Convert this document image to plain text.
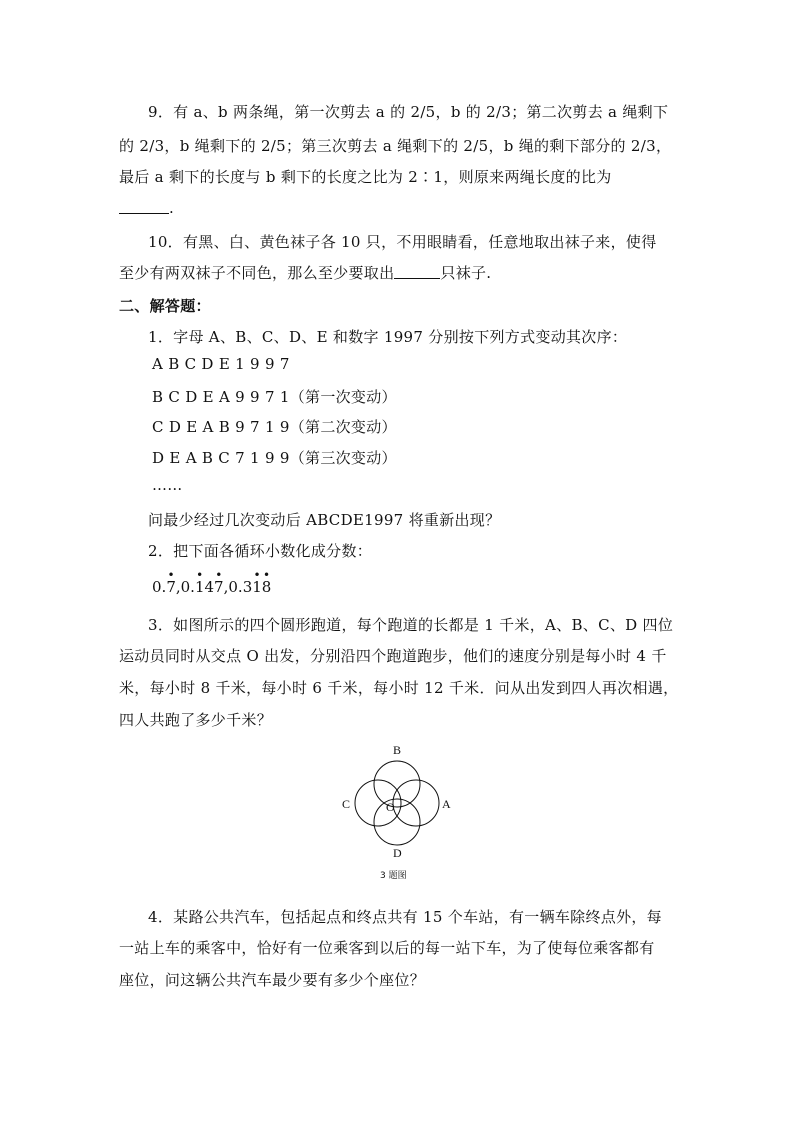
9．有 a、b 两条绳，第一次剪去 a 的 2/5，b 的 2/3；第二次剪去 a 绳剩下
的 2/3，b 绳剩下的 2/5；第三次剪去 a 绳剩下的 2/5，b 绳的剩下部分的 2/3，
最后 a 剩下的长度与 b 剩下的长度之比为 2∶1，则原来两绳长度的比为
.
10．有黑、白、黄色袜子各 10 只，不用眼睛看，任意地取出袜子来，使得
至少有两双袜子不同色，那么至少要取出	只袜子.
二、解答题：
1．字母 A、B、C、D、E 和数字 1997 分别按下列方式变动其次序：
A B C D E 1 9 9 7
B C D E A 9 9 7 1（第一次变动）
C D E A B 9 7 1 9（第二次变动）
D E A B C 7 1 9 9（第三次变动）
……
问最少经过几次变动后 ABCDE1997 将重新出现？
2．把下面各循环小数化成分数：
0.
•
7,0.
•
14
•
7,0.3
•
1
•
8
3．如图所示的四个圆形跑道，每个跑道的长都是 1 千米，A、B、C、D 四位
运动员同时从交点 O 出发，分别沿四个跑道跑步，他们的速度分别是每小时 4 千
米，每小时 8 千米，每小时 6 千米，每小时 12 千米．问从出发到四人再次相遇，
四人共跑了多少千米？
B
C	A
D
O
3 题图
4．某路公共汽车，包括起点和终点共有 15 个车站，有一辆车除终点外，每
一站上车的乘客中，恰好有一位乘客到以后的每一站下车，为了使每位乘客都有
座位，问这辆公共汽车最少要有多少个座位？
